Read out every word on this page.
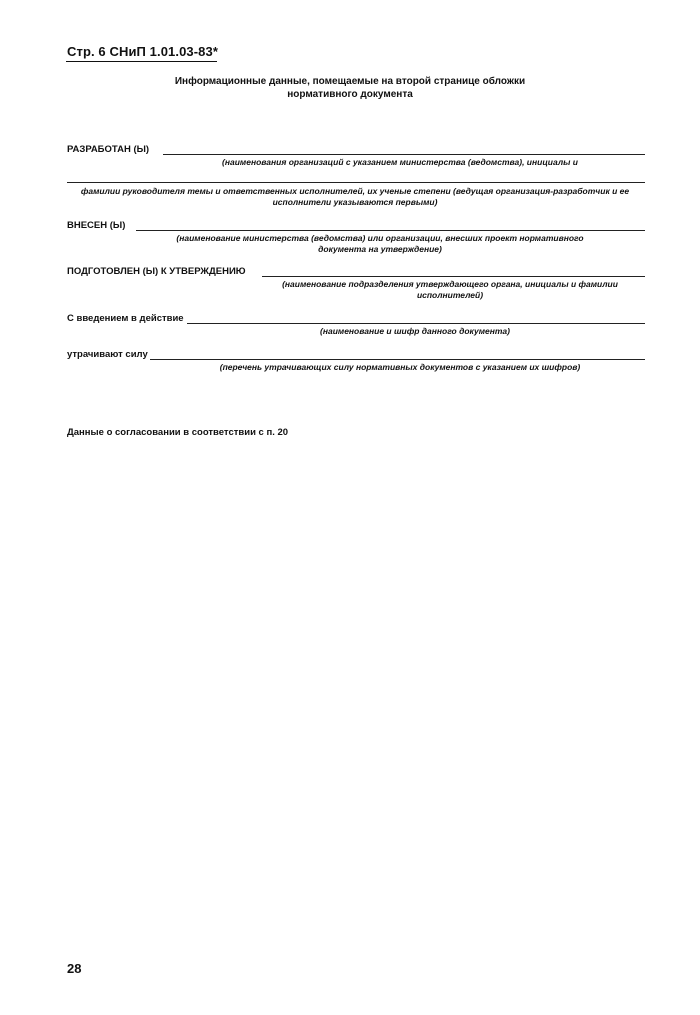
Стр. 6 СНиП 1.01.03-83*
Информационные данные, помещаемые на второй странице обложки
нормативного документа
РАЗРАБОТАН (Ы)
(наименования организаций с указанием министерства (ведомства), инициалы и
фамилии руководителя темы и ответственных исполнителей, их ученые степени (ведущая организация-разработчик и ее
исполнители указываются первыми)
ВНЕСЕН (Ы)
(наименование министерства (ведомства) или организации, внесших проект нормативного
документа на утверждение)
ПОДГОТОВЛЕН (Ы) К УТВЕРЖДЕНИЮ
(наименование подразделения утверждающего органа, инициалы и фамилии
исполнителей)
С введением в действие
(наименование и шифр данного документа)
утрачивают силу
(перечень утрачивающих силу нормативных документов с указанием их шифров)
Данные о согласовании в соответствии с п. 20
28
